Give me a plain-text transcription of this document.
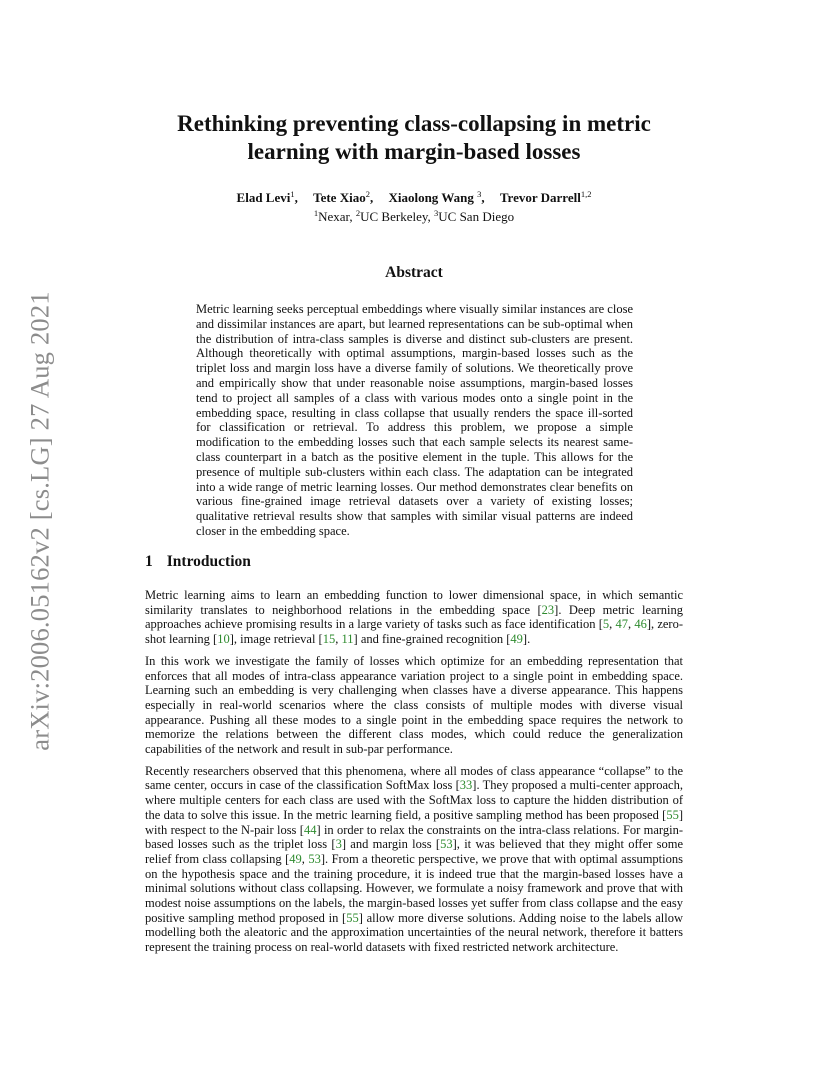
arXiv:2006.05162v2 [cs.LG] 27 Aug 2021
Rethinking preventing class-collapsing in metric
learning with margin-based losses
Elad Levi$^1$, Tete Xiao$^2$, Xiaolong Wang $^3$, Trevor Darrell$^{1,2}$
$^1$Nexar, $^2$UC Berkeley, $^3$UC San Diego
Abstract

Metric learning seeks perceptual embeddings where visually similar instances are close and dissimilar instances are apart, but learned representations can be sub-optimal when the distribution of intra-class samples is diverse and distinct sub-clusters are present. Although theoretically with optimal assumptions, margin-based losses such as the triplet loss and margin loss have a diverse family of solutions. We theoretically prove and empirically show that under reasonable noise assumptions, margin-based losses tend to project all samples of a class with various modes onto a single point in the embedding space, resulting in class collapse that usually renders the space ill-sorted for classification or retrieval. To address this problem, we propose a simple modification to the embedding losses such that each sample selects its nearest same-class counterpart in a batch as the positive element in the tuple. This allows for the presence of multiple sub-clusters within each class. The adaptation can be integrated into a wide range of metric learning losses. Our method demonstrates clear benefits on various fine-grained image retrieval datasets over a variety of existing losses; qualitative retrieval results show that samples with similar visual patterns are indeed closer in the embedding space.

1 Introduction

Metric learning aims to learn an embedding function to lower dimensional space, in which semantic similarity translates to neighborhood relations in the embedding space [23]. Deep metric learning approaches achieve promising results in a large variety of tasks such as face identification [5, 47, 46], zero-shot learning [10], image retrieval [15, 11] and fine-grained recognition [49].

In this work we investigate the family of losses which optimize for an embedding representation that enforces that all modes of intra-class appearance variation project to a single point in embedding space. Learning such an embedding is very challenging when classes have a diverse appearance. This happens especially in real-world scenarios where the class consists of multiple modes with diverse visual appearance. Pushing all these modes to a single point in the embedding space requires the network to memorize the relations between the different class modes, which could reduce the generalization capabilities of the network and result in sub-par performance.

Recently researchers observed that this phenomena, where all modes of class appearance “collapse” to the same center, occurs in case of the classification SoftMax loss [33]. They proposed a multi-center approach, where multiple centers for each class are used with the SoftMax loss to capture the hidden distribution of the data to solve this issue. In the metric learning field, a positive sampling method has been proposed [55] with respect to the N-pair loss [44] in order to relax the constraints on the intra-class relations. For margin-based losses such as the triplet loss [3] and margin loss [53], it was believed that they might offer some relief from class collapsing [49, 53]. From a theoretic perspective, we prove that with optimal assumptions on the hypothesis space and the training procedure, it is indeed true that the margin-based losses have a minimal solutions without class collapsing. However, we formulate a noisy framework and prove that with modest noise assumptions on the labels, the margin-based losses yet suffer from class collapse and the easy positive sampling method proposed in [55] allow more diverse solutions. Adding noise to the labels allow modelling both the aleatoric and the approximation uncertainties of the neural network, therefore it batters represent the training process on real-world datasets with fixed restricted network architecture.
